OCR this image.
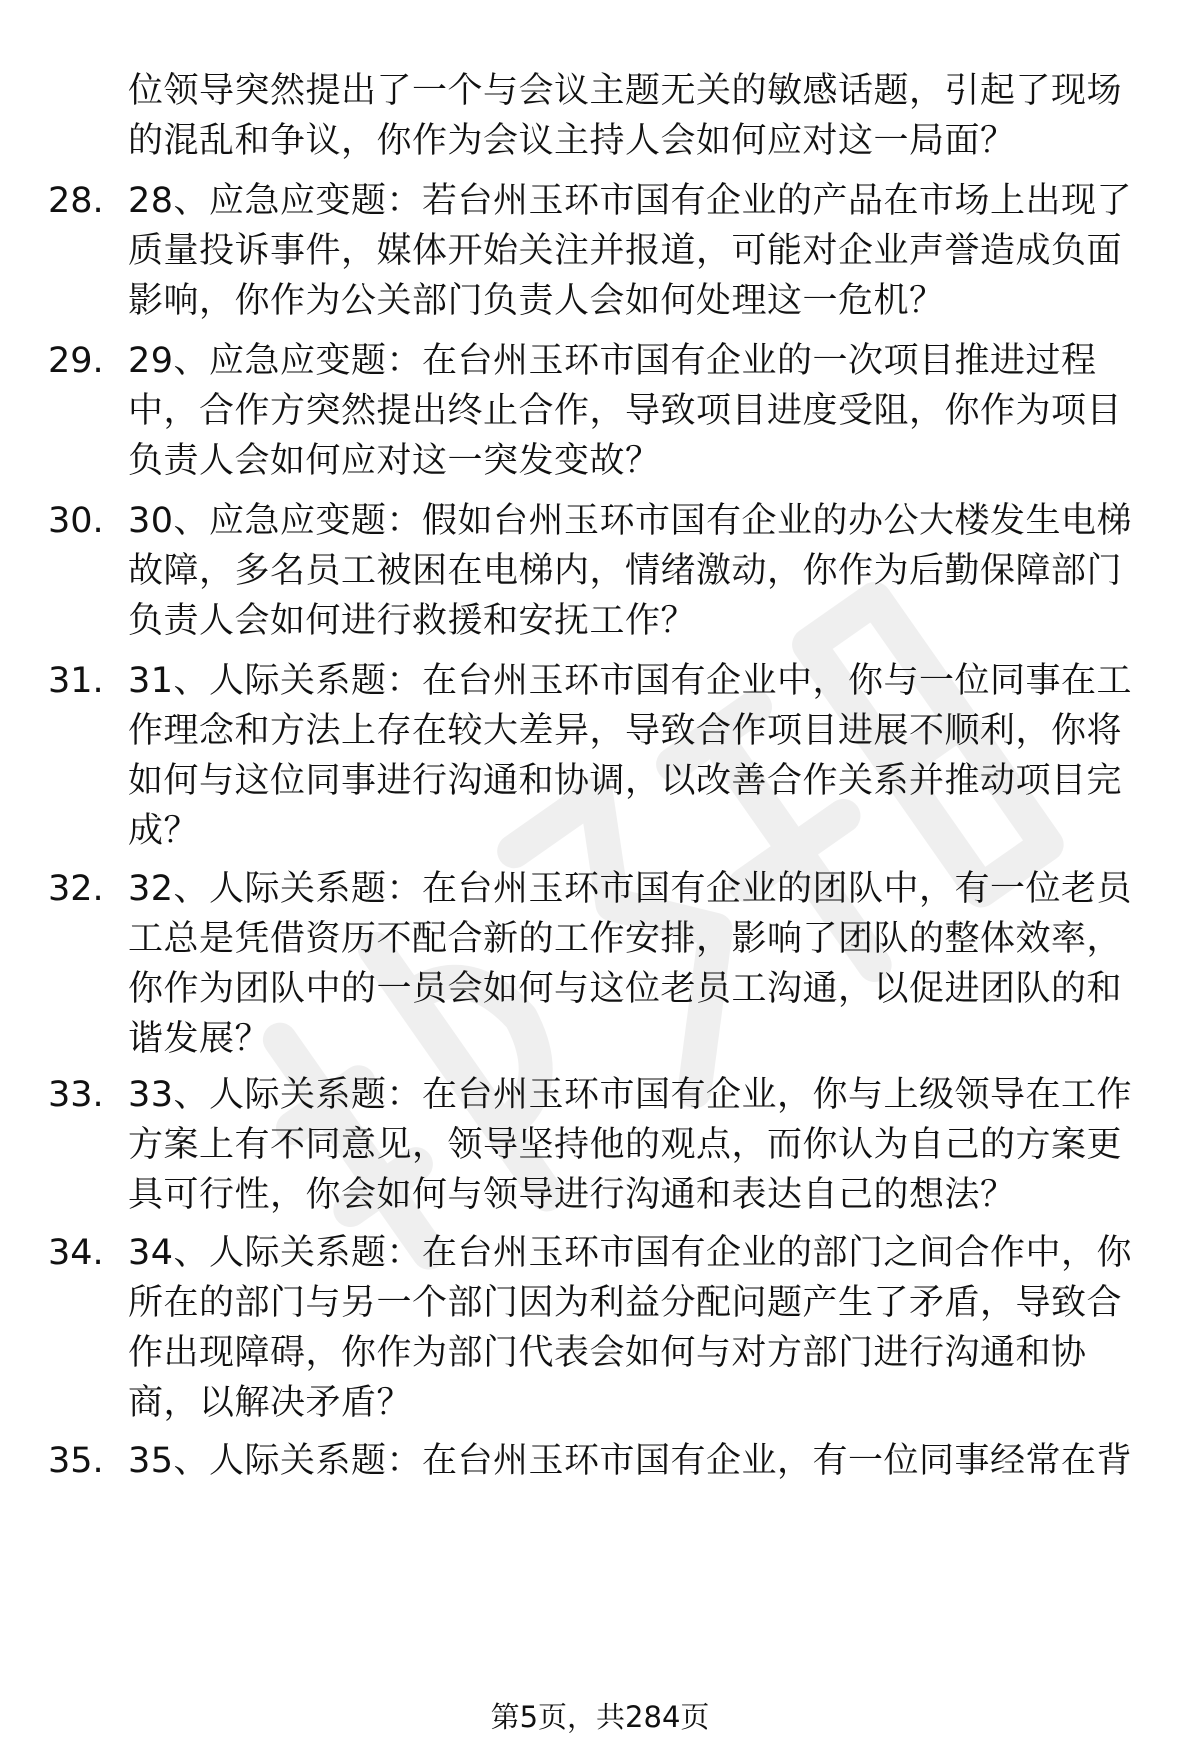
位领导突然提出了一个与会议主题无关的敏感话题，引起了现场
的混乱和争议，你作为会议主持人会如何应对这一局面？
28. 28、应急应变题：若台州玉环市国有企业的产品在市场上出现了
质量投诉事件，媒体开始关注并报道，可能对企业声誉造成负面
影响，你作为公关部门负责人会如何处理这一危机？
29. 29、应急应变题：在台州玉环市国有企业的一次项目推进过程
中，合作方突然提出终止合作，导致项目进度受阻，你作为项目
负责人会如何应对这一突发变故？
30. 30、应急应变题：假如台州玉环市国有企业的办公大楼发生电梯
故障，多名员工被困在电梯内，情绪激动，你作为后勤保障部门
负责人会如何进行救援和安抚工作？
31. 31、人际关系题：在台州玉环市国有企业中，你与一位同事在工
作理念和方法上存在较大差异，导致合作项目进展不顺利，你将
如何与这位同事进行沟通和协调，以改善合作关系并推动项目完
成？
32. 32、人际关系题：在台州玉环市国有企业的团队中，有一位老员
工总是凭借资历不配合新的工作安排，影响了团队的整体效率，
你作为团队中的一员会如何与这位老员工沟通，以促进团队的和
谐发展？
33. 33、人际关系题：在台州玉环市国有企业，你与上级领导在工作
方案上有不同意见，领导坚持他的观点，而你认为自己的方案更
具可行性，你会如何与领导进行沟通和表达自己的想法？
34. 34、人际关系题：在台州玉环市国有企业的部门之间合作中，你
所在的部门与另一个部门因为利益分配问题产生了矛盾，导致合
作出现障碍，你作为部门代表会如何与对方部门进行沟通和协
商，以解决矛盾？
35. 35、人际关系题：在台州玉环市国有企业，有一位同事经常在背
第5页，共284页
